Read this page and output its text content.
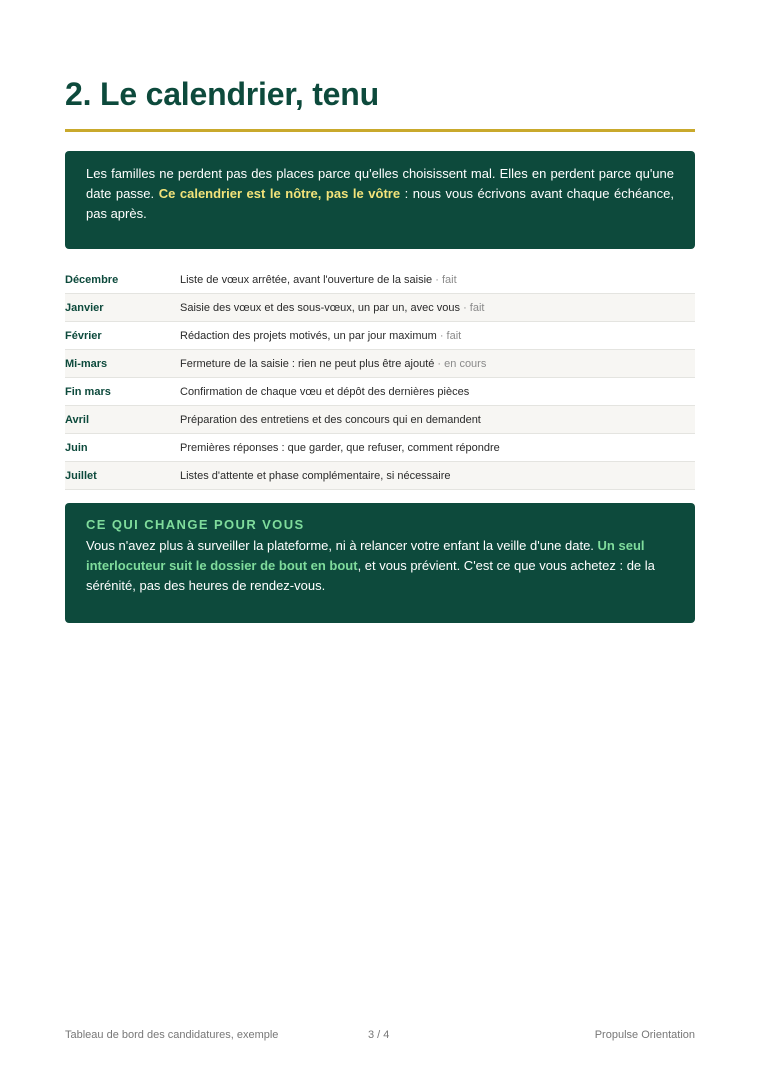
2. Le calendrier, tenu
Les familles ne perdent pas des places parce qu'elles choisissent mal. Elles en perdent parce qu'une date passe. Ce calendrier est le nôtre, pas le vôtre : nous vous écrivons avant chaque échéance, pas après.
Décembre	Liste de vœux arrêtée, avant l'ouverture de la saisie · fait
Janvier	Saisie des vœux et des sous-vœux, un par un, avec vous · fait
Février	Rédaction des projets motivés, un par jour maximum · fait
Mi-mars	Fermeture de la saisie : rien ne peut plus être ajouté · en cours
Fin mars	Confirmation de chaque vœu et dépôt des dernières pièces
Avril	Préparation des entretiens et des concours qui en demandent
Juin	Premières réponses : que garder, que refuser, comment répondre
Juillet	Listes d'attente et phase complémentaire, si nécessaire
CE QUI CHANGE POUR VOUS
Vous n'avez plus à surveiller la plateforme, ni à relancer votre enfant la veille d'une date. Un seul interlocuteur suit le dossier de bout en bout, et vous prévient. C'est ce que vous achetez : de la sérénité, pas des heures de rendez-vous.
Tableau de bord des candidatures, exemple	3 / 4	Propulse Orientation
